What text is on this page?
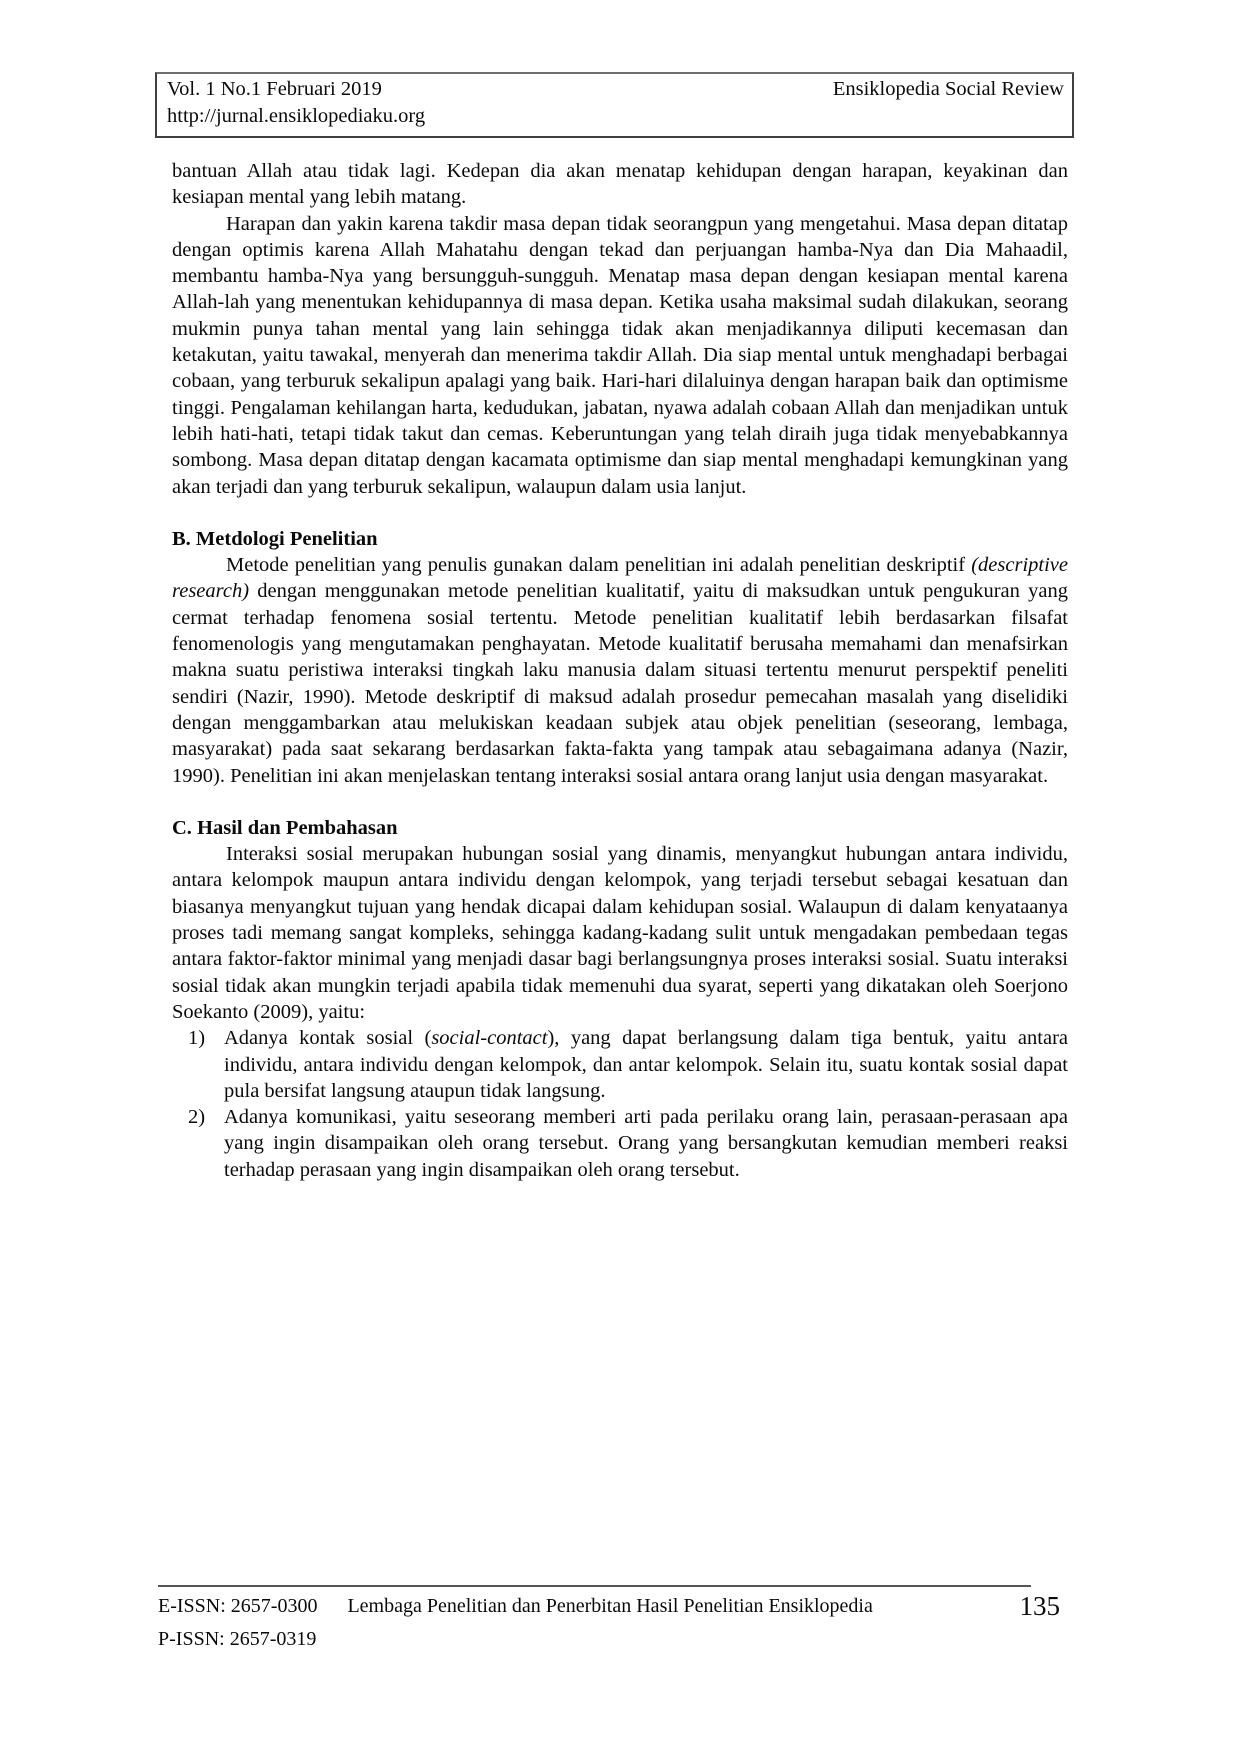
Vol. 1 No.1 Februari 2019	Ensiklopedia Social Review
http://jurnal.ensiklopediaku.org

bantuan Allah atau tidak lagi. Kedepan dia akan menatap kehidupan dengan harapan, keyakinan dan kesiapan mental yang lebih matang.

Harapan dan yakin karena takdir masa depan tidak seorangpun yang mengetahui. Masa depan ditatap dengan optimis karena Allah Mahatahu dengan tekad dan perjuangan hamba-Nya dan Dia Mahaadil, membantu hamba-Nya yang bersungguh-sungguh. Menatap masa depan dengan kesiapan mental karena Allah-lah yang menentukan kehidupannya di masa depan. Ketika usaha maksimal sudah dilakukan, seorang mukmin punya tahan mental yang lain sehingga tidak akan menjadikannya diliputi kecemasan dan ketakutan, yaitu tawakal, menyerah dan menerima takdir Allah. Dia siap mental untuk menghadapi berbagai cobaan, yang terburuk sekalipun apalagi yang baik. Hari-hari dilaluinya dengan harapan baik dan optimisme tinggi. Pengalaman kehilangan harta, kedudukan, jabatan, nyawa adalah cobaan Allah dan menjadikan untuk lebih hati-hati, tetapi tidak takut dan cemas. Keberuntungan yang telah diraih juga tidak menyebabkannya sombong. Masa depan ditatap dengan kacamata optimisme dan siap mental menghadapi kemungkinan yang akan terjadi dan yang terburuk sekalipun, walaupun dalam usia lanjut.

B. Metdologi Penelitian

Metode penelitian yang penulis gunakan dalam penelitian ini adalah penelitian deskriptif (descriptive research) dengan menggunakan metode penelitian kualitatif, yaitu di maksudkan untuk pengukuran yang cermat terhadap fenomena sosial tertentu. Metode penelitian kualitatif lebih berdasarkan filsafat fenomenologis yang mengutamakan penghayatan. Metode kualitatif berusaha memahami dan menafsirkan makna suatu peristiwa interaksi tingkah laku manusia dalam situasi tertentu menurut perspektif peneliti sendiri (Nazir, 1990). Metode deskriptif di maksud adalah prosedur pemecahan masalah yang diselidiki dengan menggambarkan atau melukiskan keadaan subjek atau objek penelitian (seseorang, lembaga, masyarakat) pada saat sekarang berdasarkan fakta-fakta yang tampak atau sebagaimana adanya (Nazir, 1990). Penelitian ini akan menjelaskan tentang interaksi sosial antara orang lanjut usia dengan masyarakat.

C. Hasil dan Pembahasan

Interaksi sosial merupakan hubungan sosial yang dinamis, menyangkut hubungan antara individu, antara kelompok maupun antara individu dengan kelompok, yang terjadi tersebut sebagai kesatuan dan biasanya menyangkut tujuan yang hendak dicapai dalam kehidupan sosial. Walaupun di dalam kenyataanya proses tadi memang sangat kompleks, sehingga kadang-kadang sulit untuk mengadakan pembedaan tegas antara faktor-faktor minimal yang menjadi dasar bagi berlangsungnya proses interaksi sosial. Suatu interaksi sosial tidak akan mungkin terjadi apabila tidak memenuhi dua syarat, seperti yang dikatakan oleh Soerjono Soekanto (2009), yaitu:

1) Adanya kontak sosial (social-contact), yang dapat berlangsung dalam tiga bentuk, yaitu antara individu, antara individu dengan kelompok, dan antar kelompok. Selain itu, suatu kontak sosial dapat pula bersifat langsung ataupun tidak langsung.
2) Adanya komunikasi, yaitu seseorang memberi arti pada perilaku orang lain, perasaan-perasaan apa yang ingin disampaikan oleh orang tersebut. Orang yang bersangkutan kemudian memberi reaksi terhadap perasaan yang ingin disampaikan oleh orang tersebut.
E-ISSN: 2657-0300 Lembaga Penelitian dan Penerbitan Hasil Penelitian Ensiklopedia
P-ISSN: 2657-0319
135
